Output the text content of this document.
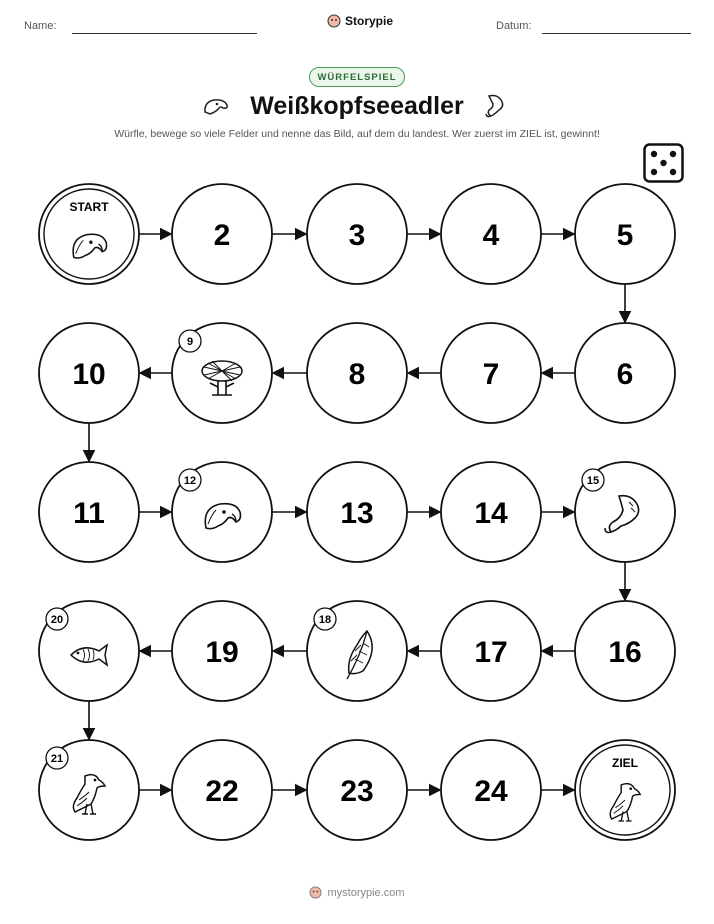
Name:	Storypie	Datum:
WÜRFELSPIEL
Weißkopfseeadler
Würfle, bewege so viele Felder und nenne das Bild, auf dem du landest. Wer zuerst im ZIEL ist, gewinnt!
START
2	3	4	5
6
7
8
9
10
11
12
13	14
15
16
17
18
19
20
21
22	23	24
ZIEL
mystorypie.com
